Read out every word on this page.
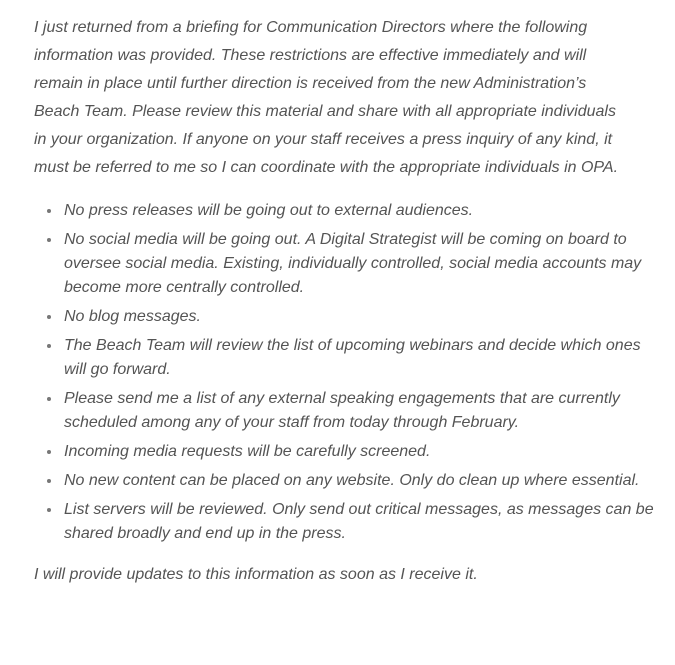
I just returned from a briefing for Communication Directors where the following information was provided. These restrictions are effective immediately and will remain in place until further direction is received from the new Administration’s Beach Team. Please review this material and share with all appropriate individuals in your organization. If anyone on your staff receives a press inquiry of any kind, it must be referred to me so I can coordinate with the appropriate individuals in OPA.

No press releases will be going out to external audiences.
No social media will be going out. A Digital Strategist will be coming on board to oversee social media. Existing, individually controlled, social media accounts may become more centrally controlled.
No blog messages.
The Beach Team will review the list of upcoming webinars and decide which ones will go forward.
Please send me a list of any external speaking engagements that are currently scheduled among any of your staff from today through February.
Incoming media requests will be carefully screened.
No new content can be placed on any website. Only do clean up where essential.
List servers will be reviewed. Only send out critical messages, as messages can be shared broadly and end up in the press.

I will provide updates to this information as soon as I receive it.
